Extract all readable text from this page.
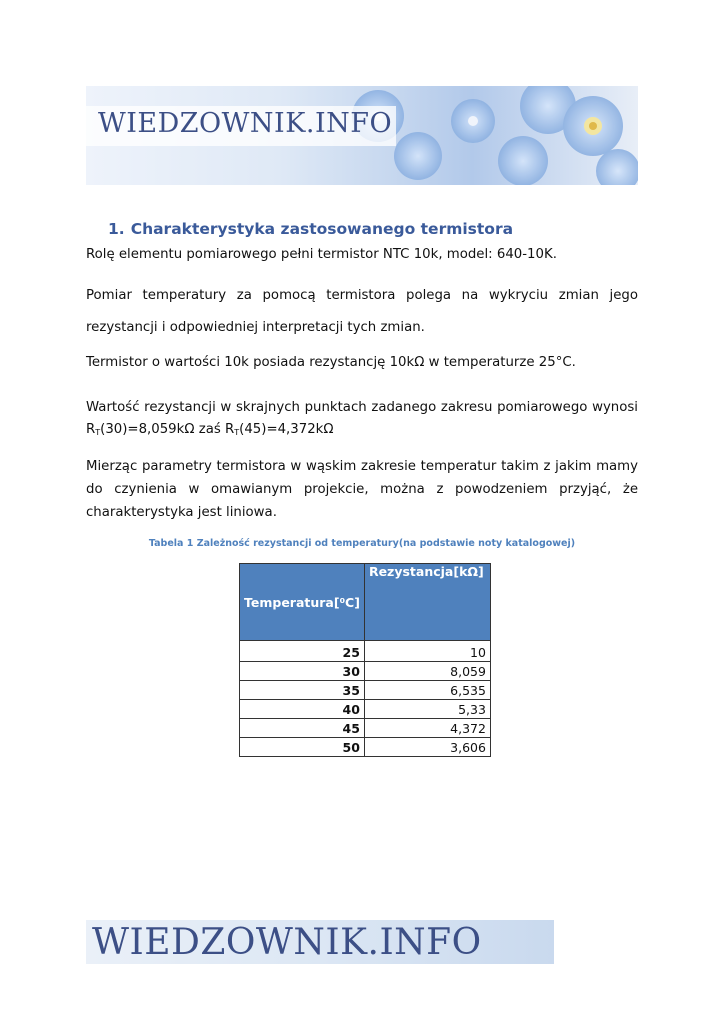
WIEDZOWNIK.INFO
1. Charakterystyka zastosowanego termistora
Rolę elementu pomiarowego pełni termistor NTC 10k, model: 640-10K.
Pomiar temperatury za pomocą termistora polega na wykryciu zmian jego rezystancji i odpowiedniej interpretacji tych zmian.
Termistor o wartości 10k posiada rezystancję 10kΩ w temperaturze 25°C.
Wartość rezystancji w skrajnych punktach zadanego zakresu pomiarowego wynosi $R_T(30)=8,059k\Omega$ zaś $R_T(45)=4,372k\Omega$
Mierząc parametry termistora w wąskim zakresie temperatur takim z jakim mamy do czynienia w omawianym projekcie, można z powodzeniem przyjąć, że charakterystyka jest liniowa.
Tabela 1 Zależność rezystancji od temperatury(na podstawie noty katalogowej)
Temperatura[⁰C]	Rezystancja[kΩ]
25	10
30	8,059
35	6,535
40	5,33
45	4,372
50	3,606
WIEDZOWNIK.INFO
